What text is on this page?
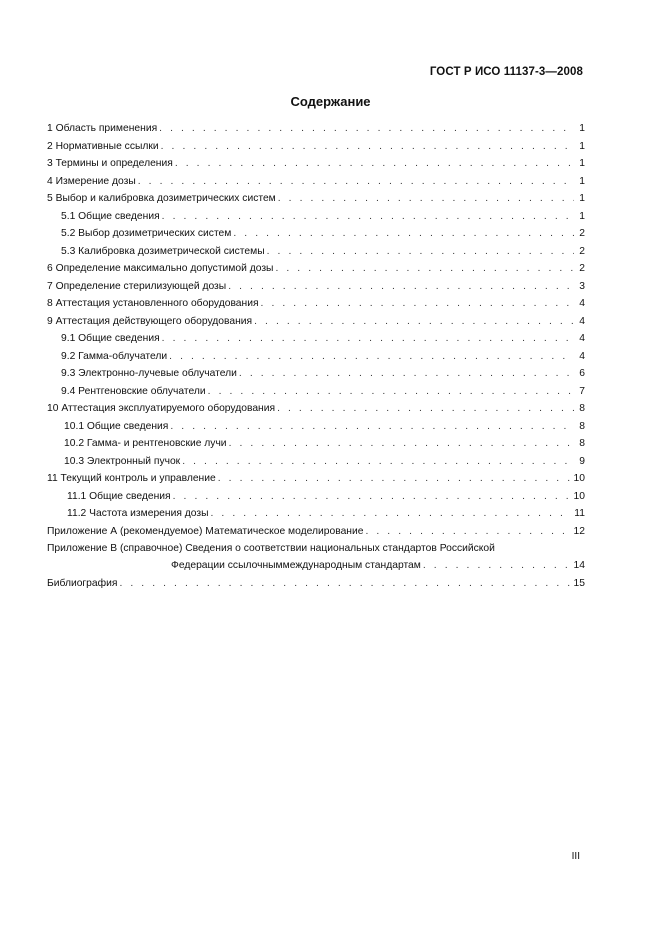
ГОСТ Р ИСО 11137-3—2008
Содержание
1 Область применения . . .	1
2 Нормативные ссылки . . .	1
3 Термины и определения . . .	1
4 Измерение дозы . . .	1
5 Выбор и калибровка дозиметрических систем . . .	1
5.1 Общие сведения . . .	1
5.2 Выбор дозиметрических систем . . .	2
5.3 Калибровка дозиметрической системы . . .	2
6 Определение максимально допустимой дозы . . .	2
7 Определение стерилизующей дозы . . .	3
8 Аттестация установленного оборудования . . .	4
9 Аттестация действующего оборудования . . .	4
9.1 Общие сведения . . .	4
9.2 Гамма-облучатели . . .	4
9.3 Электронно-лучевые облучатели . . .	6
9.4 Рентгеновские облучатели . . .	7
10 Аттестация эксплуатируемого оборудования . . .	8
10.1 Общие сведения . . .	8
10.2 Гамма- и рентгеновские лучи . . .	8
10.3 Электронный пучок . . .	9
11 Текущий контроль и управление . . .	10
11.1 Общие сведения . . .	10
11.2 Частота измерения дозы . . .	11
Приложение А (рекомендуемое) Математическое моделирование . . .	12
Приложение В (справочное) Сведения о соответствии национальных стандартов Российской
Федерации ссылочныммеждународным стандартам . . .	14
Библиография . . .	15
III
